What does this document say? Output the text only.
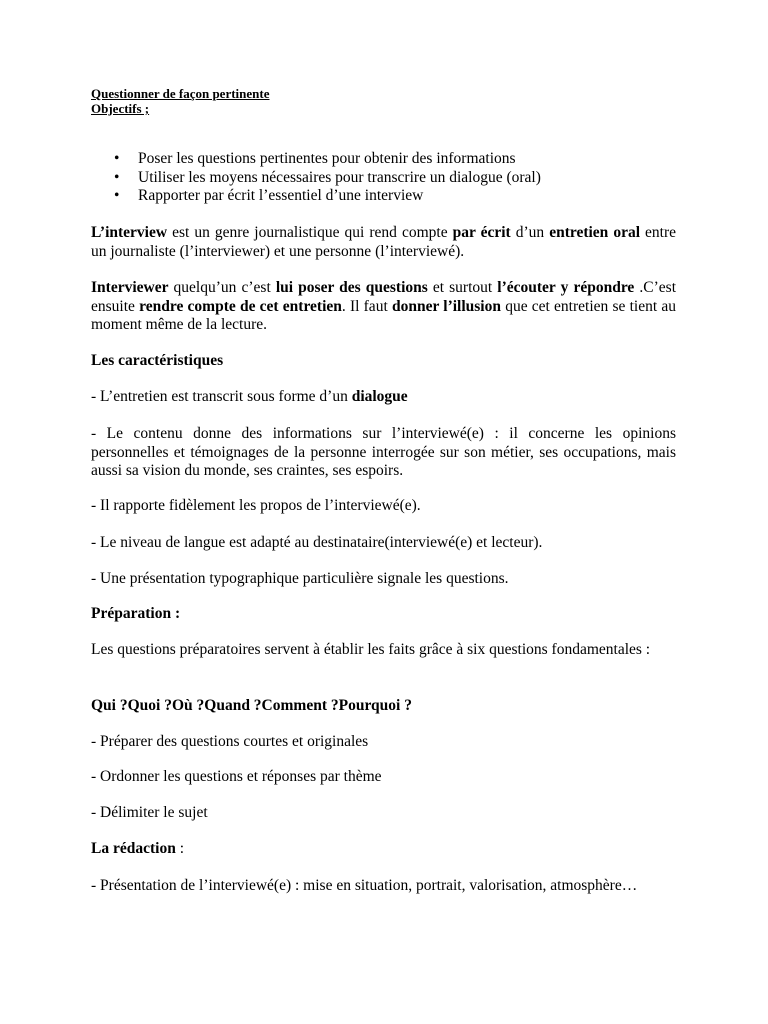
Questionner de façon pertinente
Objectifs ;
• Poser les questions pertinentes pour obtenir des informations
• Utiliser les moyens nécessaires pour transcrire un dialogue (oral)
• Rapporter par écrit l’essentiel d’une interview

L’interview est un genre journalistique qui rend compte par écrit d’un entretien oral entre un journaliste (l’interviewer) et une personne (l’interviewé).

Interviewer quelqu’un c’est lui poser des questions et surtout l’écouter y répondre .C’est ensuite rendre compte de cet entretien. Il faut donner l’illusion que cet entretien se tient au moment même de la lecture.

Les caractéristiques

- L’entretien est transcrit sous forme d’un dialogue

- Le contenu donne des informations sur l’interviewé(e) : il concerne les opinions personnelles et témoignages de la personne interrogée sur son métier, ses occupations, mais aussi sa vision du monde, ses craintes, ses espoirs.

- Il rapporte fidèlement les propos de l’interviewé(e).

- Le niveau de langue est adapté au destinataire(interviewé(e) et lecteur).

- Une présentation typographique particulière signale les questions.

Préparation :

Les questions préparatoires servent à établir les faits grâce à six questions fondamentales :

Qui ?Quoi ?Où ?Quand ?Comment ?Pourquoi ?

- Préparer des questions courtes et originales

- Ordonner les questions et réponses par thème

- Délimiter le sujet

La rédaction :

- Présentation de l’interviewé(e) : mise en situation, portrait, valorisation, atmosphère…
